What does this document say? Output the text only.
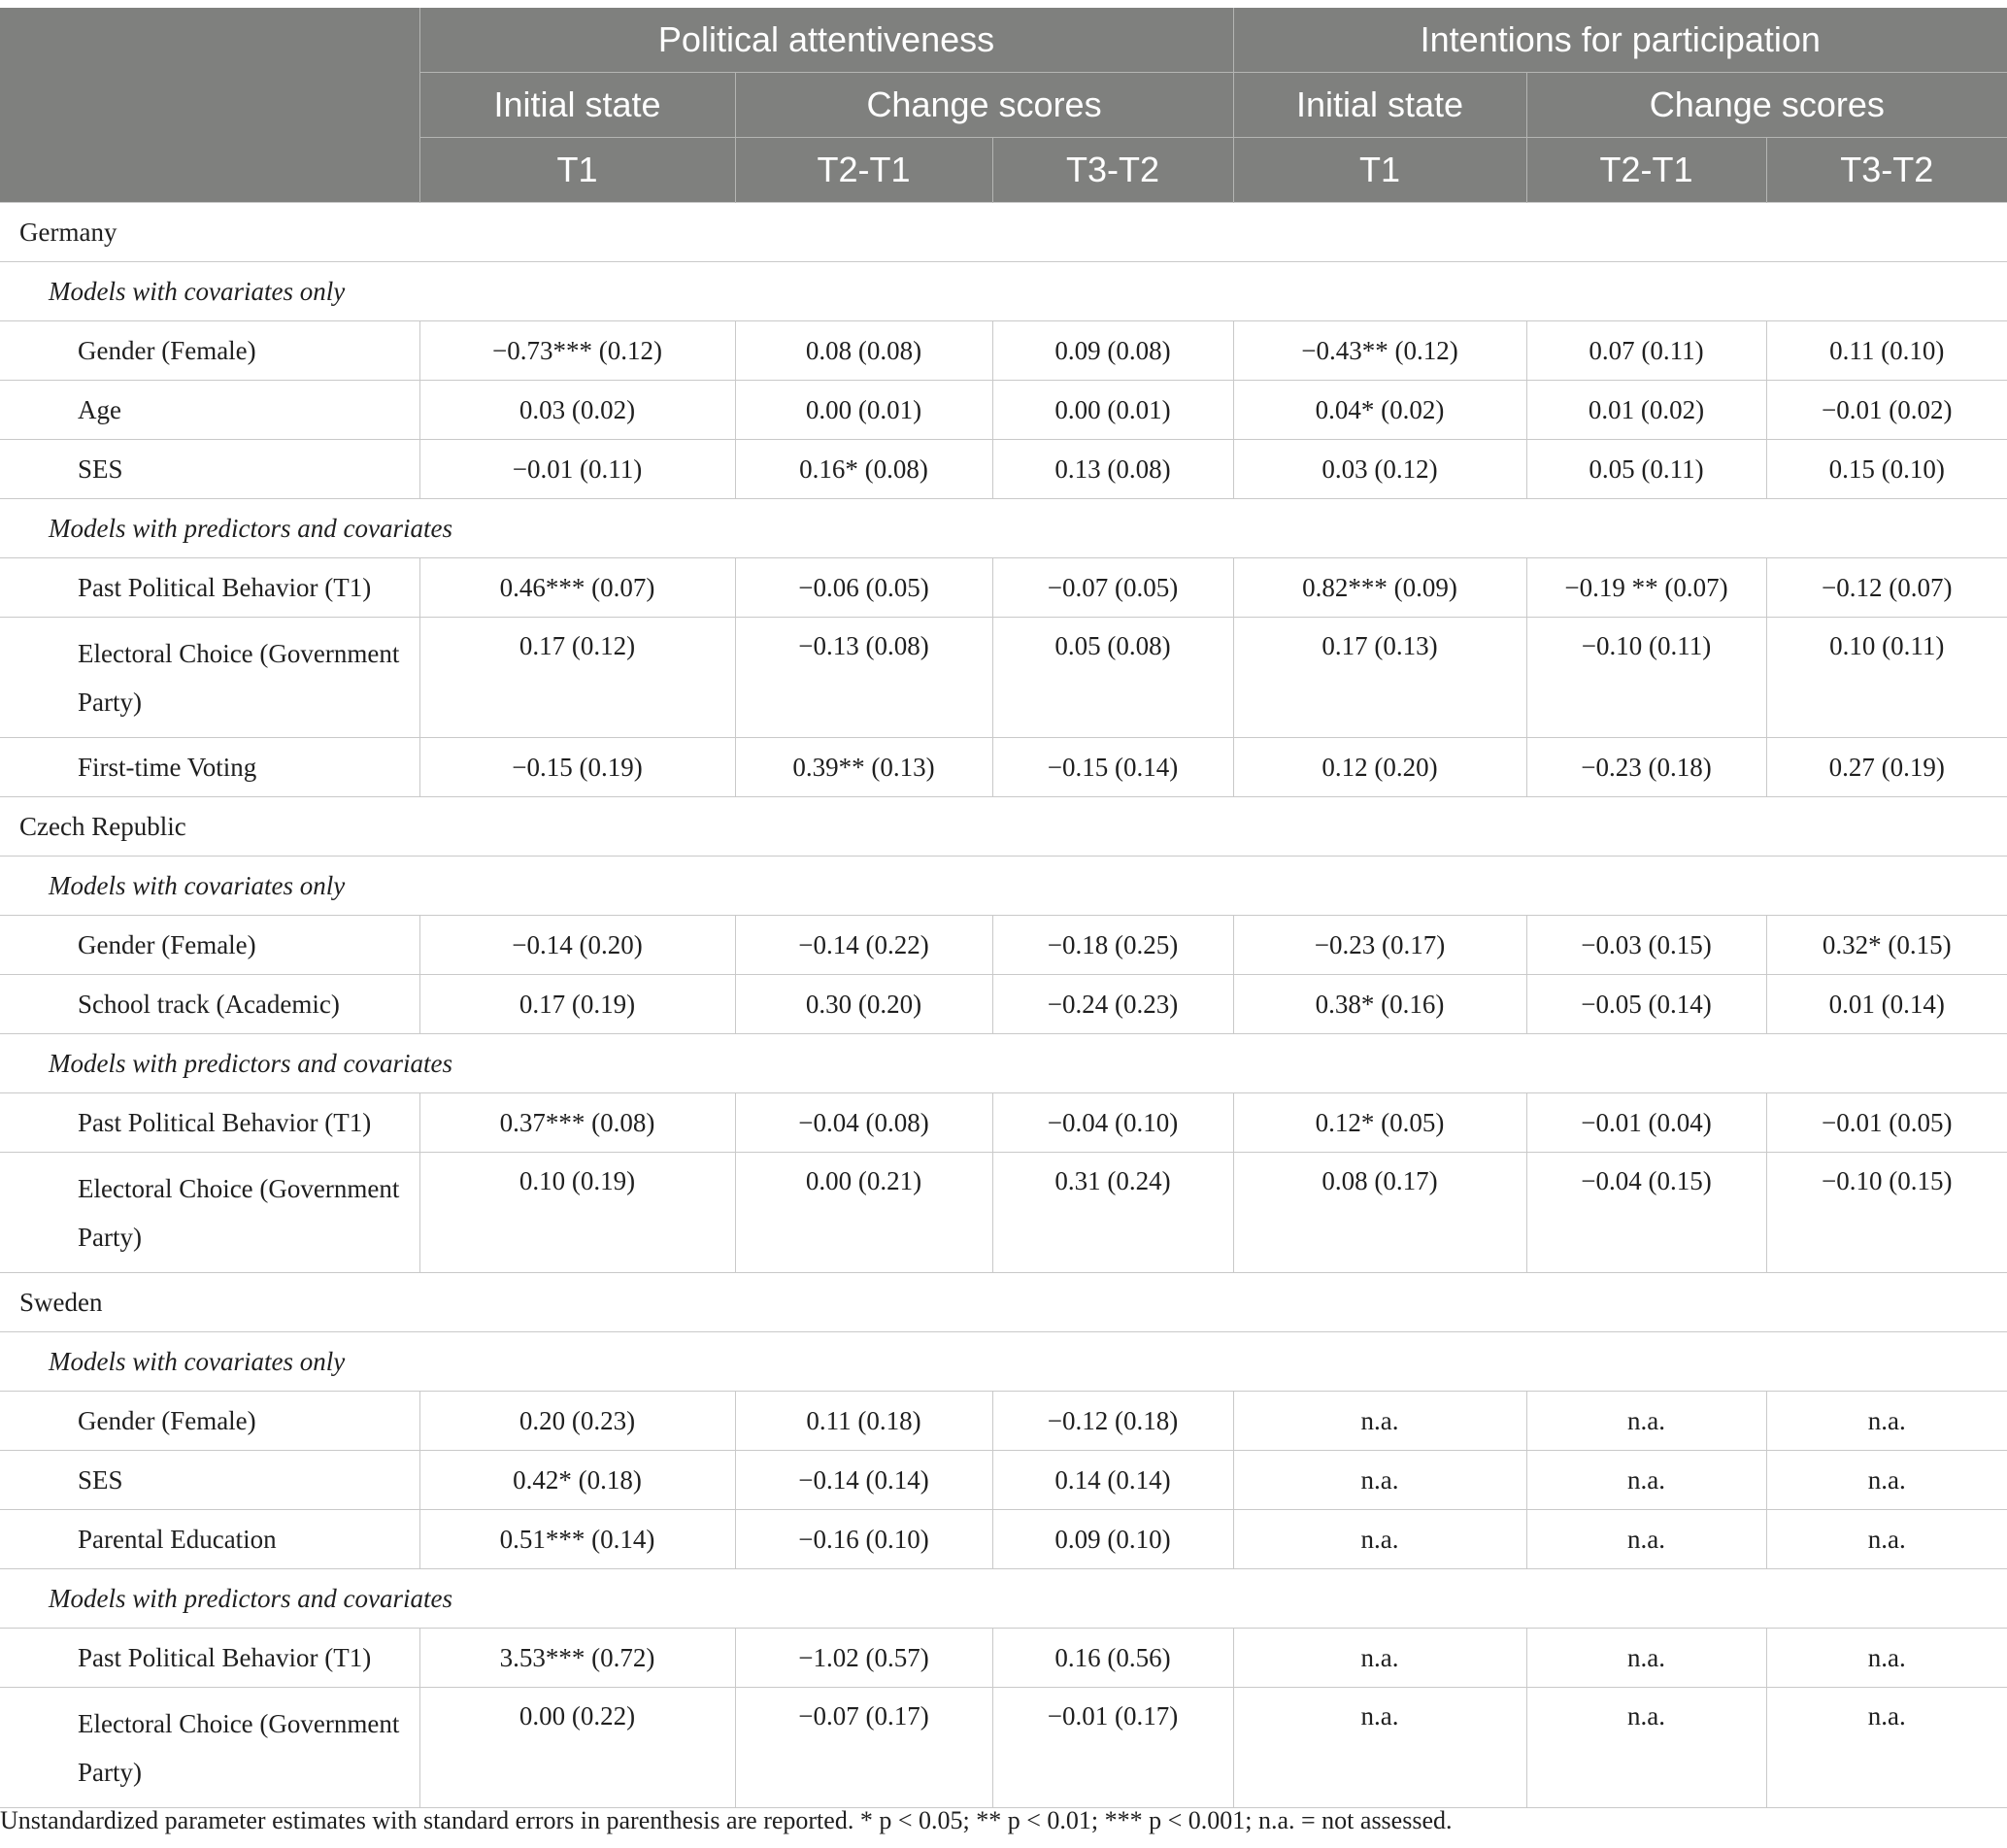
	Political attentiveness			Intentions for participation		
	Initial state	Change scores		Initial state	Change scores	
	T1	T2-T1	T3-T2	T1	T2-T1	T3-T2
Germany						
Models with covariates only						
Gender (Female)	−0.73*** (0.12)	0.08 (0.08)	0.09 (0.08)	−0.43** (0.12)	0.07 (0.11)	0.11 (0.10)
Age	0.03 (0.02)	0.00 (0.01)	0.00 (0.01)	0.04* (0.02)	0.01 (0.02)	−0.01 (0.02)
SES	−0.01 (0.11)	0.16* (0.08)	0.13 (0.08)	0.03 (0.12)	0.05 (0.11)	0.15 (0.10)
Models with predictors and covariates						
Past Political Behavior (T1)	0.46*** (0.07)	−0.06 (0.05)	−0.07 (0.05)	0.82*** (0.09)	−0.19 ** (0.07)	−0.12 (0.07)
Electoral Choice (Government Party)	0.17 (0.12)	−0.13 (0.08)	0.05 (0.08)	0.17 (0.13)	−0.10 (0.11)	0.10 (0.11)
First-time Voting	−0.15 (0.19)	0.39** (0.13)	−0.15 (0.14)	0.12 (0.20)	−0.23 (0.18)	0.27 (0.19)
Czech Republic						
Models with covariates only						
Gender (Female)	−0.14 (0.20)	−0.14 (0.22)	−0.18 (0.25)	−0.23 (0.17)	−0.03 (0.15)	0.32* (0.15)
School track (Academic)	0.17 (0.19)	0.30 (0.20)	−0.24 (0.23)	0.38* (0.16)	−0.05 (0.14)	0.01 (0.14)
Models with predictors and covariates						
Past Political Behavior (T1)	0.37*** (0.08)	−0.04 (0.08)	−0.04 (0.10)	0.12* (0.05)	−0.01 (0.04)	−0.01 (0.05)
Electoral Choice (Government Party)	0.10 (0.19)	0.00 (0.21)	0.31 (0.24)	0.08 (0.17)	−0.04 (0.15)	−0.10 (0.15)
Sweden						
Models with covariates only						
Gender (Female)	0.20 (0.23)	0.11 (0.18)	−0.12 (0.18)	n.a.	n.a.	n.a.
SES	0.42* (0.18)	−0.14 (0.14)	0.14 (0.14)	n.a.	n.a.	n.a.
Parental Education	0.51*** (0.14)	−0.16 (0.10)	0.09 (0.10)	n.a.	n.a.	n.a.
Models with predictors and covariates						
Past Political Behavior (T1)	3.53*** (0.72)	−1.02 (0.57)	0.16 (0.56)	n.a.	n.a.	n.a.
Electoral Choice (Government Party)	0.00 (0.22)	−0.07 (0.17)	−0.01 (0.17)	n.a.	n.a.	n.a.
Unstandardized parameter estimates with standard errors in parenthesis are reported. * p < 0.05; ** p < 0.01; *** p < 0.001; n.a. = not assessed.
